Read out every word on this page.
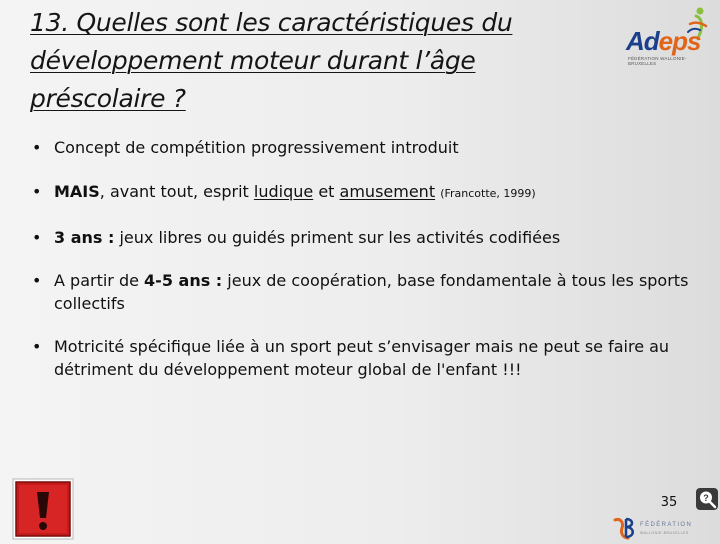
13. Quelles sont les caractéristiques du développement moteur durant l’âge préscolaire ?
Adeps
FÉDÉRATION WALLONIE-BRUXELLES
• Concept de compétition progressivement introduit
• MAIS, avant tout, esprit ludique et amusement (Francotte, 1999)
• 3 ans : jeux libres ou guidés priment sur les activités codifiées
• A partir de 4-5 ans : jeux de coopération, base fondamentale à tous les sports collectifs
• Motricité spécifique liée à un sport peut s’envisager mais ne peut se faire au détriment du développement moteur global de l'enfant !!!
35	?
FÉDÉRATION
WALLONIE-BRUXELLES
